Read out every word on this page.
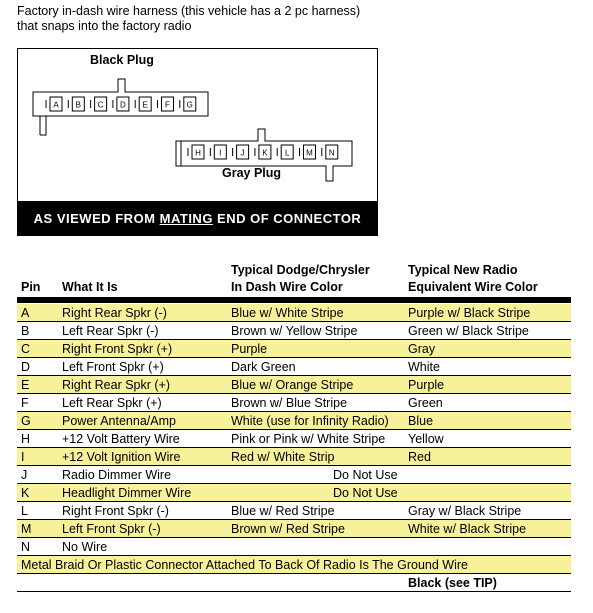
Factory in-dash wire harness (this vehicle has a 2 pc harness)
that snaps into the factory radio
Black Plug
A B C D E F G
H I J K L M N
Gray Plug
AS VIEWED FROM MATING END OF CONNECTOR
Pin What It Is
Typical Dodge/Chrysler
In Dash Wire Color
Typical New Radio
Equivalent Wire Color
A	Right Rear Spkr (-)	Blue w/ White Stripe	Purple w/ Black Stripe
B	Left Rear Spkr (-)	Brown w/ Yellow Stripe	Green w/ Black Stripe
C	Right Front Spkr (+)	Purple	Gray
D	Left Front Spkr (+)	Dark Green	White
E	Right Rear Spkr (+)	Blue w/ Orange Stripe	Purple
F	Left Rear Spkr (+)	Brown w/ Blue Stripe	Green
G	Power Antenna/Amp	White (use for Infinity Radio)	Blue
H	+12 Volt Battery Wire	Pink or Pink w/ White Stripe	Yellow
I	+12 Volt Ignition Wire	Red w/ White Strip	Red
J	Radio Dimmer Wire	Do Not Use	
K	Headlight Dimmer Wire	Do Not Use	
L	Right Front Spkr (-)	Blue w/ Red Stripe	Gray w/ Black Stripe
M	Left Front Spkr (-)	Brown w/ Red Stripe	White w/ Black Stripe
N	No Wire		
Metal Braid Or Plastic Connector Attached To Back Of Radio Is The Ground Wire			
			Black (see TIP)
